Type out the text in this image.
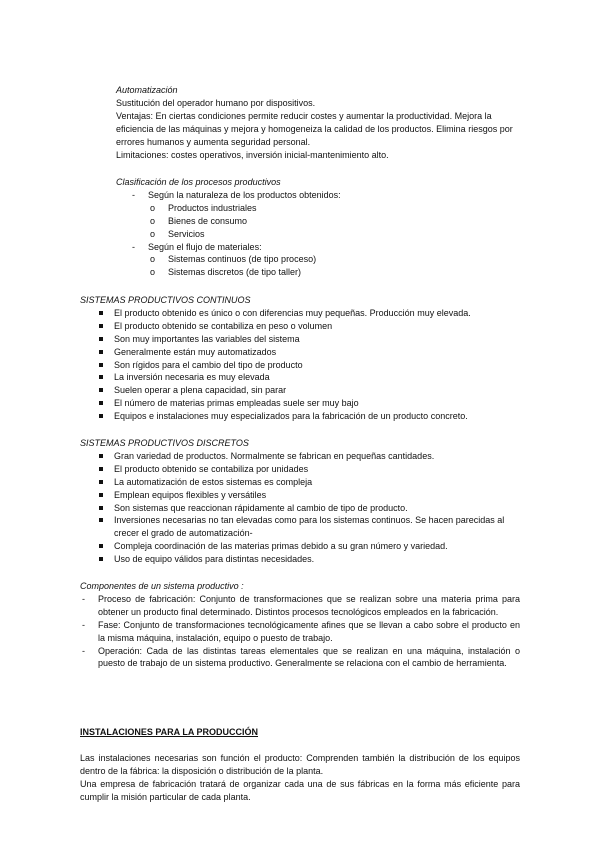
Automatización

Sustitución del operador humano por dispositivos.

Ventajas: En ciertas condiciones permite reducir costes y aumentar la productividad. Mejora la eficiencia de las máquinas y mejora y homogeneiza la calidad de los productos. Elimina riesgos por errores humanos y aumenta seguridad personal.

Limitaciones: costes operativos, inversión inicial-mantenimiento alto.

Clasificación de los procesos productivos

- Según la naturaleza de los productos obtenidos:
o Productos industriales
o Bienes de consumo
o Servicios
- Según el flujo de materiales:
o Sistemas continuos (de tipo proceso)
o Sistemas discretos (de tipo taller)

SISTEMAS PRODUCTIVOS CONTINUOS

El producto obtenido es único o con diferencias muy pequeñas. Producción muy elevada.
El producto obtenido se contabiliza en peso o volumen
Son muy importantes las variables del sistema
Generalmente están muy automatizados
Son rígidos para el cambio del tipo de producto
La inversión necesaria es muy elevada
Suelen operar a plena capacidad, sin parar
El número de materias primas empleadas suele ser muy bajo
Equipos e instalaciones muy especializados para la fabricación de un producto concreto.

SISTEMAS PRODUCTIVOS DISCRETOS

Gran variedad de productos. Normalmente se fabrican en pequeñas cantidades.
El producto obtenido se contabiliza por unidades
La automatización de estos sistemas es compleja
Emplean equipos flexibles y versátiles
Son sistemas que reaccionan rápidamente al cambio de tipo de producto.
Inversiones necesarias no tan elevadas como para los sistemas continuos. Se hacen parecidas al crecer el grado de automatización-
Compleja coordinación de las materias primas debido a su gran número y variedad.
Uso de equipo válidos para distintas necesidades.

Componentes de un sistema productivo :

- Proceso de fabricación: Conjunto de transformaciones que se realizan sobre una materia prima para obtener un producto final determinado. Distintos procesos tecnológicos empleados en la fabricación.
- Fase: Conjunto de transformaciones tecnológicamente afines que se llevan a cabo sobre el producto en la misma máquina, instalación, equipo o puesto de trabajo.
- Operación: Cada de las distintas tareas elementales que se realizan en una máquina, instalación o puesto de trabajo de un sistema productivo. Generalmente se relaciona con el cambio de herramienta.

INSTALACIONES PARA LA PRODUCCIÓN

Las instalaciones necesarias son función el producto: Comprenden también la distribución de los equipos dentro de la fábrica: la disposición o distribución de la planta.

Una empresa de fabricación tratará de organizar cada una de sus fábricas en la forma más eficiente para cumplir la misión particular de cada planta.
